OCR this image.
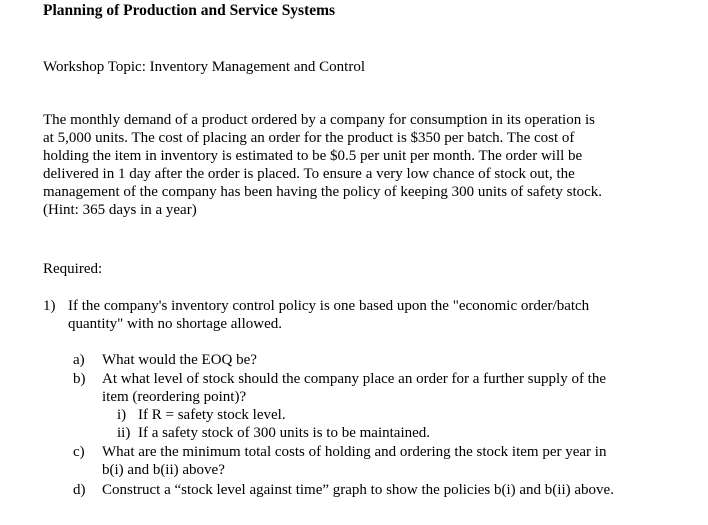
Planning of Production and Service Systems
Workshop Topic: Inventory Management and Control
The monthly demand of a product ordered by a company for consumption in its operation is
at 5,000 units. The cost of placing an order for the product is $350 per batch. The cost of
holding the item in inventory is estimated to be $0.5 per unit per month. The order will be
delivered in 1 day after the order is placed. To ensure a very low chance of stock out, the
management of the company has been having the policy of keeping 300 units of safety stock.
(Hint: 365 days in a year)
Required:
1) If the company's inventory control policy is one based upon the "economic order/batch
quantity" with no shortage allowed.
a) What would the EOQ be?
b) At what level of stock should the company place an order for a further supply of the
item (reordering point)?
i) If R = safety stock level.
ii) If a safety stock of 300 units is to be maintained.
c) What are the minimum total costs of holding and ordering the stock item per year in
b(i) and b(ii) above?
d) Construct a “stock level against time” graph to show the policies b(i) and b(ii) above.
